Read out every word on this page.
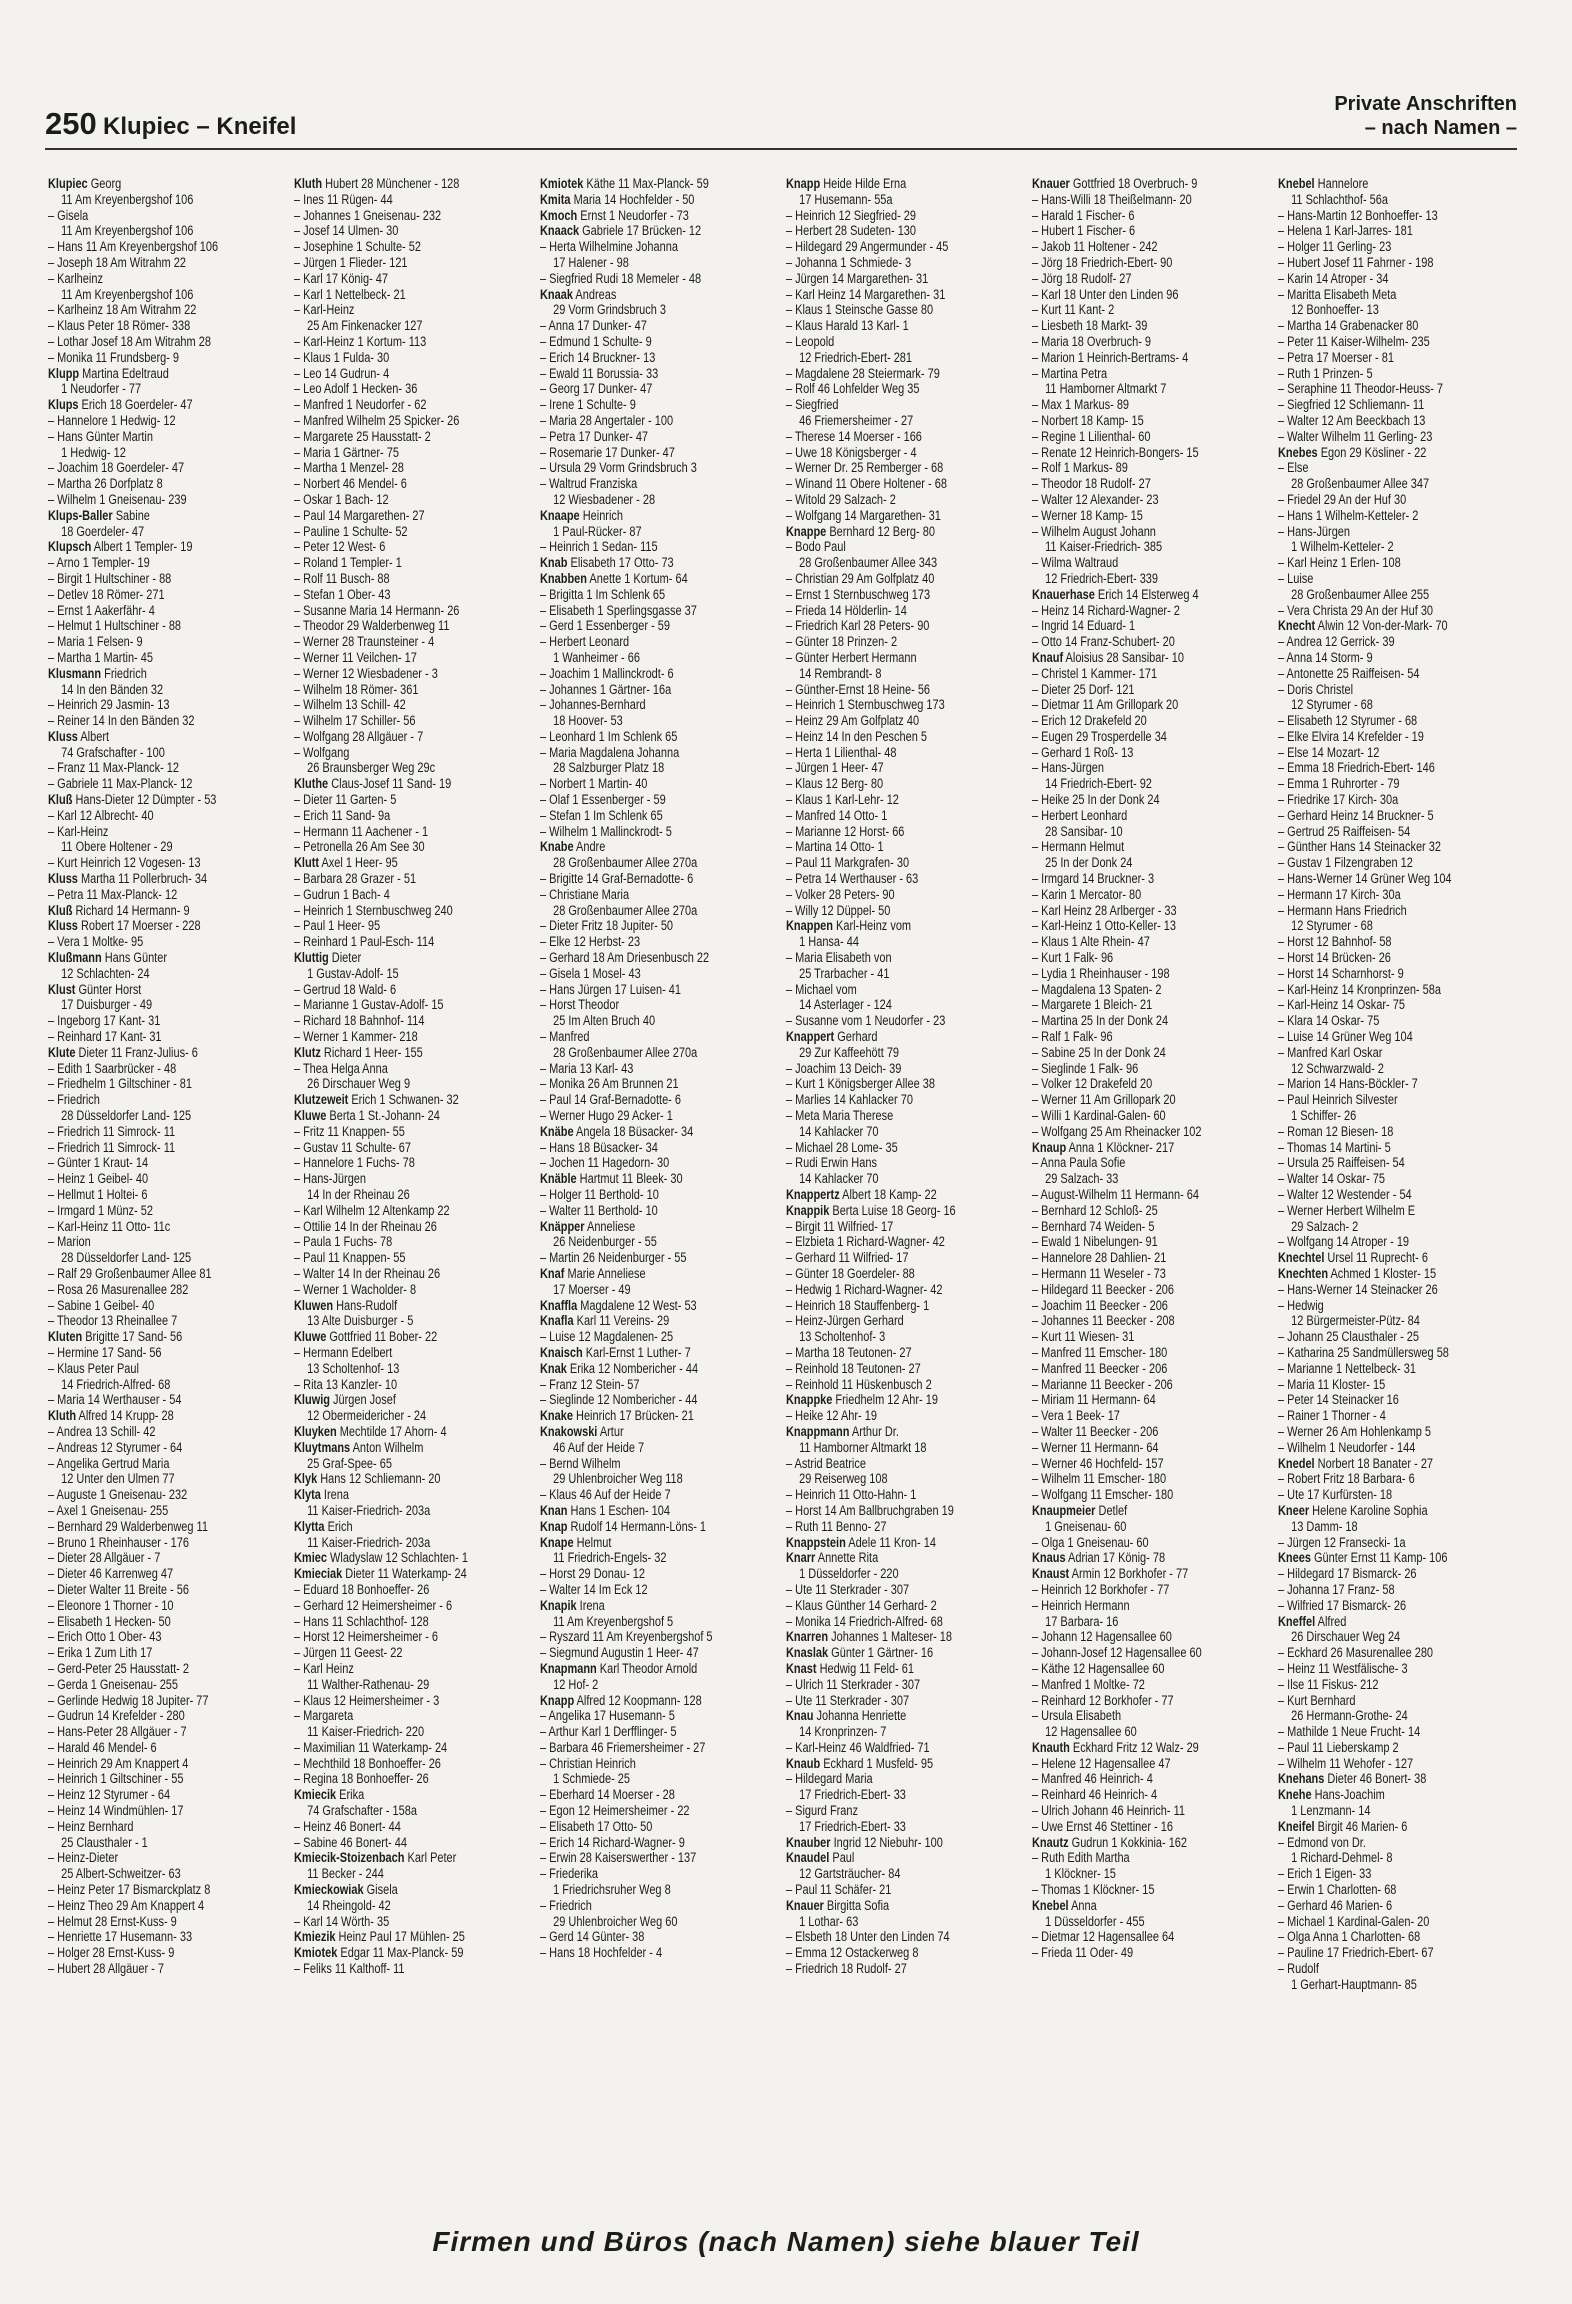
250 Klupiec – Kneifel
Private Anschriften
– nach Namen –
Klupiec Georg
11 Am Kreyenbergshof 106
– Gisela
11 Am Kreyenbergshof 106
– Hans 11 Am Kreyenbergshof 106
– Joseph 18 Am Witrahm 22
– Karlheinz
11 Am Kreyenbergshof 106
– Karlheinz 18 Am Witrahm 22
– Klaus Peter 18 Römer- 338
– Lothar Josef 18 Am Witrahm 28
– Monika 11 Frundsberg- 9
Klupp Martina Edeltraud
1 Neudorfer - 77
Klups Erich 18 Goerdeler- 47
– Hannelore 1 Hedwig- 12
– Hans Günter Martin
1 Hedwig- 12
– Joachim 18 Goerdeler- 47
– Martha 26 Dorfplatz 8
– Wilhelm 1 Gneisenau- 239
Klups-Baller Sabine
18 Goerdeler- 47
Klupsch Albert 1 Templer- 19
– Arno 1 Templer- 19
– Birgit 1 Hultschiner - 88
– Detlev 18 Römer- 271
– Ernst 1 Aakerfähr- 4
– Helmut 1 Hultschiner - 88
– Maria 1 Felsen- 9
– Martha 1 Martin- 45
Klusmann Friedrich
14 In den Bänden 32
– Heinrich 29 Jasmin- 13
– Reiner 14 In den Bänden 32
Kluss Albert
74 Grafschafter - 100
– Franz 11 Max-Planck- 12
– Gabriele 11 Max-Planck- 12
Kluß Hans-Dieter 12 Dümpter - 53
– Karl 12 Albrecht- 40
– Karl-Heinz
11 Obere Holtener - 29
– Kurt Heinrich 12 Vogesen- 13
Kluss Martha 11 Pollerbruch- 34
– Petra 11 Max-Planck- 12
Kluß Richard 14 Hermann- 9
Kluss Robert 17 Moerser - 228
– Vera 1 Moltke- 95
Klußmann Hans Günter
12 Schlachten- 24
Klust Günter Horst
17 Duisburger - 49
– Ingeborg 17 Kant- 31
– Reinhard 17 Kant- 31
Klute Dieter 11 Franz-Julius- 6
– Edith 1 Saarbrücker - 48
– Friedhelm 1 Giltschiner - 81
– Friedrich
28 Düsseldorfer Land- 125
– Friedrich 11 Simrock- 11
– Friedrich 11 Simrock- 11
– Günter 1 Kraut- 14
– Heinz 1 Geibel- 40
– Hellmut 1 Holtei- 6
– Irmgard 1 Münz- 52
– Karl-Heinz 11 Otto- 11c
– Marion
28 Düsseldorfer Land- 125
– Ralf 29 Großenbaumer Allee 81
– Rosa 26 Masurenallee 282
– Sabine 1 Geibel- 40
– Theodor 13 Rheinallee 7
Kluten Brigitte 17 Sand- 56
– Hermine 17 Sand- 56
– Klaus Peter Paul
14 Friedrich-Alfred- 68
– Maria 14 Werthauser - 54
Kluth Alfred 14 Krupp- 28
– Andrea 13 Schill- 42
– Andreas 12 Styrumer - 64
– Angelika Gertrud Maria
12 Unter den Ulmen 77
– Auguste 1 Gneisenau- 232
– Axel 1 Gneisenau- 255
– Bernhard 29 Walderbenweg 11
– Bruno 1 Rheinhauser - 176
– Dieter 28 Allgäuer - 7
– Dieter 46 Karrenweg 47
– Dieter Walter 11 Breite - 56
– Eleonore 1 Thorner - 10
– Elisabeth 1 Hecken- 50
– Erich Otto 1 Ober- 43
– Erika 1 Zum Lith 17
– Gerd-Peter 25 Hausstatt- 2
– Gerda 1 Gneisenau- 255
– Gerlinde Hedwig 18 Jupiter- 77
– Gudrun 14 Krefelder - 280
– Hans-Peter 28 Allgäuer - 7
– Harald 46 Mendel- 6
– Heinrich 29 Am Knappert 4
– Heinrich 1 Giltschiner - 55
– Heinz 12 Styrumer - 64
– Heinz 14 Windmühlen- 17
– Heinz Bernhard
25 Clausthaler - 1
– Heinz-Dieter
25 Albert-Schweitzer- 63
– Heinz Peter 17 Bismarckplatz 8
– Heinz Theo 29 Am Knappert 4
– Helmut 28 Ernst-Kuss- 9
– Henriette 17 Husemann- 33
– Holger 28 Ernst-Kuss- 9
– Hubert 28 Allgäuer - 7
Kluth Hubert 28 Münchener - 128
– Ines 11 Rügen- 44
– Johannes 1 Gneisenau- 232
– Josef 14 Ulmen- 30
– Josephine 1 Schulte- 52
– Jürgen 1 Flieder- 121
– Karl 17 König- 47
– Karl 1 Nettelbeck- 21
– Karl-Heinz
25 Am Finkenacker 127
– Karl-Heinz 1 Kortum- 113
– Klaus 1 Fulda- 30
– Leo 14 Gudrun- 4
– Leo Adolf 1 Hecken- 36
– Manfred 1 Neudorfer - 62
– Manfred Wilhelm 25 Spicker- 26
– Margarete 25 Hausstatt- 2
– Maria 1 Gärtner- 75
– Martha 1 Menzel- 28
– Norbert 46 Mendel- 6
– Oskar 1 Bach- 12
– Paul 14 Margarethen- 27
– Pauline 1 Schulte- 52
– Peter 12 West- 6
– Roland 1 Templer- 1
– Rolf 11 Busch- 88
– Stefan 1 Ober- 43
– Susanne Maria 14 Hermann- 26
– Theodor 29 Walderbenweg 11
– Werner 28 Traunsteiner - 4
– Werner 11 Veilchen- 17
– Werner 12 Wiesbadener - 3
– Wilhelm 18 Römer- 361
– Wilhelm 13 Schill- 42
– Wilhelm 17 Schiller- 56
– Wolfgang 28 Allgäuer - 7
– Wolfgang
26 Braunsberger Weg 29c
Kluthe Claus-Josef 11 Sand- 19
– Dieter 11 Garten- 5
– Erich 11 Sand- 9a
– Hermann 11 Aachener - 1
– Petronella 26 Am See 30
Klutt Axel 1 Heer- 95
– Barbara 28 Grazer - 51
– Gudrun 1 Bach- 4
– Heinrich 1 Sternbuschweg 240
– Paul 1 Heer- 95
– Reinhard 1 Paul-Esch- 114
Kluttig Dieter
1 Gustav-Adolf- 15
– Gertrud 18 Wald- 6
– Marianne 1 Gustav-Adolf- 15
– Richard 18 Bahnhof- 114
– Werner 1 Kammer- 218
Klutz Richard 1 Heer- 155
– Thea Helga Anna
26 Dirschauer Weg 9
Klutzeweit Erich 1 Schwanen- 32
Kluwe Berta 1 St.-Johann- 24
– Fritz 11 Knappen- 55
– Gustav 11 Schulte- 67
– Hannelore 1 Fuchs- 78
– Hans-Jürgen
14 In der Rheinau 26
– Karl Wilhelm 12 Altenkamp 22
– Ottilie 14 In der Rheinau 26
– Paula 1 Fuchs- 78
– Paul 11 Knappen- 55
– Walter 14 In der Rheinau 26
– Werner 1 Wacholder- 8
Kluwen Hans-Rudolf
13 Alte Duisburger - 5
Kluwe Gottfried 11 Bober- 22
– Hermann Edelbert
13 Scholtenhof- 13
– Rita 13 Kanzler- 10
Kluwig Jürgen Josef
12 Obermeidericher - 24
Kluyken Mechtilde 17 Ahorn- 4
Kluytmans Anton Wilhelm
25 Graf-Spee- 65
Klyk Hans 12 Schliemann- 20
Klyta Irena
11 Kaiser-Friedrich- 203a
Klytta Erich
11 Kaiser-Friedrich- 203a
Kmiec Wladyslaw 12 Schlachten- 1
Kmieciak Dieter 11 Waterkamp- 24
– Eduard 18 Bonhoeffer- 26
– Gerhard 12 Heimersheimer - 6
– Hans 11 Schlachthof- 128
– Horst 12 Heimersheimer - 6
– Jürgen 11 Geest- 22
– Karl Heinz
11 Walther-Rathenau- 29
– Klaus 12 Heimersheimer - 3
– Margareta
11 Kaiser-Friedrich- 220
– Maximilian 11 Waterkamp- 24
– Mechthild 18 Bonhoeffer- 26
– Regina 18 Bonhoeffer- 26
Kmiecik Erika
74 Grafschafter - 158a
– Heinz 46 Bonert- 44
– Sabine 46 Bonert- 44
Kmiecik-Stoizenbach Karl Peter
11 Becker - 244
Kmieckowiak Gisela
14 Rheingold- 42
– Karl 14 Wörth- 35
Kmiezik Heinz Paul 17 Mühlen- 25
Kmiotek Edgar 11 Max-Planck- 59
– Feliks 11 Kalthoff- 11
Kmiotek Käthe 11 Max-Planck- 59
Kmita Maria 14 Hochfelder - 50
Kmoch Ernst 1 Neudorfer - 73
Knaack Gabriele 17 Brücken- 12
– Herta Wilhelmine Johanna
17 Halener - 98
– Siegfried Rudi 18 Memeler - 48
Knaak Andreas
29 Vorm Grindsbruch 3
– Anna 17 Dunker- 47
– Edmund 1 Schulte- 9
– Erich 14 Bruckner- 13
– Ewald 11 Borussia- 33
– Georg 17 Dunker- 47
– Irene 1 Schulte- 9
– Maria 28 Angertaler - 100
– Petra 17 Dunker- 47
– Rosemarie 17 Dunker- 47
– Ursula 29 Vorm Grindsbruch 3
– Waltrud Franziska
12 Wiesbadener - 28
Knaape Heinrich
1 Paul-Rücker- 87
– Heinrich 1 Sedan- 115
Knab Elisabeth 17 Otto- 73
Knabben Anette 1 Kortum- 64
– Brigitta 1 Im Schlenk 65
– Elisabeth 1 Sperlingsgasse 37
– Gerd 1 Essenberger - 59
– Herbert Leonard
1 Wanheimer - 66
– Joachim 1 Mallinckrodt- 6
– Johannes 1 Gärtner- 16a
– Johannes-Bernhard
18 Hoover- 53
– Leonhard 1 Im Schlenk 65
– Maria Magdalena Johanna
28 Salzburger Platz 18
– Norbert 1 Martin- 40
– Olaf 1 Essenberger - 59
– Stefan 1 Im Schlenk 65
– Wilhelm 1 Mallinckrodt- 5
Knabe Andre
28 Großenbaumer Allee 270a
– Brigitte 14 Graf-Bernadotte- 6
– Christiane Maria
28 Großenbaumer Allee 270a
– Dieter Fritz 18 Jupiter- 50
– Elke 12 Herbst- 23
– Gerhard 18 Am Driesenbusch 22
– Gisela 1 Mosel- 43
– Hans Jürgen 17 Luisen- 41
– Horst Theodor
25 Im Alten Bruch 40
– Manfred
28 Großenbaumer Allee 270a
– Maria 13 Karl- 43
– Monika 26 Am Brunnen 21
– Paul 14 Graf-Bernadotte- 6
– Werner Hugo 29 Acker- 1
Knäbe Angela 18 Büsacker- 34
– Hans 18 Büsacker- 34
– Jochen 11 Hagedorn- 30
Knäble Hartmut 11 Bleek- 30
– Holger 11 Berthold- 10
– Walter 11 Berthold- 10
Knäpper Anneliese
26 Neidenburger - 55
– Martin 26 Neidenburger - 55
Knaf Marie Anneliese
17 Moerser - 49
Knaffla Magdalene 12 West- 53
Knafla Karl 11 Vereins- 29
– Luise 12 Magdalenen- 25
Knaisch Karl-Ernst 1 Luther- 7
Knak Erika 12 Nombericher - 44
– Franz 12 Stein- 57
– Sieglinde 12 Nombericher - 44
Knake Heinrich 17 Brücken- 21
Knakowski Artur
46 Auf der Heide 7
– Bernd Wilhelm
29 Uhlenbroicher Weg 118
– Klaus 46 Auf der Heide 7
Knan Hans 1 Eschen- 104
Knap Rudolf 14 Hermann-Löns- 1
Knape Helmut
11 Friedrich-Engels- 32
– Horst 29 Donau- 12
– Walter 14 Im Eck 12
Knapik Irena
11 Am Kreyenbergshof 5
– Ryszard 11 Am Kreyenbergshof 5
– Siegmund Augustin 1 Heer- 47
Knapmann Karl Theodor Arnold
12 Hof- 2
Knapp Alfred 12 Koopmann- 128
– Angelika 17 Husemann- 5
– Arthur Karl 1 Derfflinger- 5
– Barbara 46 Friemersheimer - 27
– Christian Heinrich
1 Schmiede- 25
– Eberhard 14 Moerser - 28
– Egon 12 Heimersheimer - 22
– Elisabeth 17 Otto- 50
– Erich 14 Richard-Wagner- 9
– Erwin 28 Kaiserswerther - 137
– Friederika
1 Friedrichsruher Weg 8
– Friedrich
29 Uhlenbroicher Weg 60
– Gerd 14 Günter- 38
– Hans 18 Hochfelder - 4
Knapp Heide Hilde Erna
17 Husemann- 55a
– Heinrich 12 Siegfried- 29
– Herbert 28 Sudeten- 130
– Hildegard 29 Angermunder - 45
– Johanna 1 Schmiede- 3
– Jürgen 14 Margarethen- 31
– Karl Heinz 14 Margarethen- 31
– Klaus 1 Steinsche Gasse 80
– Klaus Harald 13 Karl- 1
– Leopold
12 Friedrich-Ebert- 281
– Magdalene 28 Steiermark- 79
– Rolf 46 Lohfelder Weg 35
– Siegfried
46 Friemersheimer - 27
– Therese 14 Moerser - 166
– Uwe 18 Königsberger - 4
– Werner Dr. 25 Remberger - 68
– Winand 11 Obere Holtener - 68
– Witold 29 Salzach- 2
– Wolfgang 14 Margarethen- 31
Knappe Bernhard 12 Berg- 80
– Bodo Paul
28 Großenbaumer Allee 343
– Christian 29 Am Golfplatz 40
– Ernst 1 Sternbuschweg 173
– Frieda 14 Hölderlin- 14
– Friedrich Karl 28 Peters- 90
– Günter 18 Prinzen- 2
– Günter Herbert Hermann
14 Rembrandt- 8
– Günther-Ernst 18 Heine- 56
– Heinrich 1 Sternbuschweg 173
– Heinz 29 Am Golfplatz 40
– Heinz 14 In den Peschen 5
– Herta 1 Lilienthal- 48
– Jürgen 1 Heer- 47
– Klaus 12 Berg- 80
– Klaus 1 Karl-Lehr- 12
– Manfred 14 Otto- 1
– Marianne 12 Horst- 66
– Martina 14 Otto- 1
– Paul 11 Markgrafen- 30
– Petra 14 Werthauser - 63
– Volker 28 Peters- 90
– Willy 12 Düppel- 50
Knappen Karl-Heinz vom
1 Hansa- 44
– Maria Elisabeth von
25 Trarbacher - 41
– Michael vom
14 Asterlager - 124
– Susanne vom 1 Neudorfer - 23
Knappert Gerhard
29 Zur Kaffeehött 79
– Joachim 13 Deich- 39
– Kurt 1 Königsberger Allee 38
– Marlies 14 Kahlacker 70
– Meta Maria Therese
14 Kahlacker 70
– Michael 28 Lome- 35
– Rudi Erwin Hans
14 Kahlacker 70
Knappertz Albert 18 Kamp- 22
Knappik Berta Luise 18 Georg- 16
– Birgit 11 Wilfried- 17
– Elzbieta 1 Richard-Wagner- 42
– Gerhard 11 Wilfried- 17
– Günter 18 Goerdeler- 88
– Hedwig 1 Richard-Wagner- 42
– Heinrich 18 Stauffenberg- 1
– Heinz-Jürgen Gerhard
13 Scholtenhof- 3
– Martha 18 Teutonen- 27
– Reinhold 18 Teutonen- 27
– Reinhold 11 Hüskenbusch 2
Knappke Friedhelm 12 Ahr- 19
– Heike 12 Ahr- 19
Knappmann Arthur Dr.
11 Hamborner Altmarkt 18
– Astrid Beatrice
29 Reiserweg 108
– Heinrich 11 Otto-Hahn- 1
– Horst 14 Am Ballbruchgraben 19
– Ruth 11 Benno- 27
Knappstein Adele 11 Kron- 14
Knarr Annette Rita
1 Düsseldorfer - 220
– Ute 11 Sterkrader - 307
– Klaus Günther 14 Gerhard- 2
– Monika 14 Friedrich-Alfred- 68
Knarren Johannes 1 Malteser- 18
Knaslak Günter 1 Gärtner- 16
Knast Hedwig 11 Feld- 61
– Ulrich 11 Sterkrader - 307
– Ute 11 Sterkrader - 307
Knau Johanna Henriette
14 Kronprinzen- 7
– Karl-Heinz 46 Waldfried- 71
Knaub Eckhard 1 Musfeld- 95
– Hildegard Maria
17 Friedrich-Ebert- 33
– Sigurd Franz
17 Friedrich-Ebert- 33
Knauber Ingrid 12 Niebuhr- 100
Knaudel Paul
12 Gartsträucher- 84
– Paul 11 Schäfer- 21
Knauer Birgitta Sofia
1 Lothar- 63
– Elsbeth 18 Unter den Linden 74
– Emma 12 Ostackerweg 8
– Friedrich 18 Rudolf- 27
Knauer Gottfried 18 Overbruch- 9
– Hans-Willi 18 Theißelmann- 20
– Harald 1 Fischer- 6
– Hubert 1 Fischer- 6
– Jakob 11 Holtener - 242
– Jörg 18 Friedrich-Ebert- 90
– Jörg 18 Rudolf- 27
– Karl 18 Unter den Linden 96
– Kurt 11 Kant- 2
– Liesbeth 18 Markt- 39
– Maria 18 Overbruch- 9
– Marion 1 Heinrich-Bertrams- 4
– Martina Petra
11 Hamborner Altmarkt 7
– Max 1 Markus- 89
– Norbert 18 Kamp- 15
– Regine 1 Lilienthal- 60
– Renate 12 Heinrich-Bongers- 15
– Rolf 1 Markus- 89
– Theodor 18 Rudolf- 27
– Walter 12 Alexander- 23
– Werner 18 Kamp- 15
– Wilhelm August Johann
11 Kaiser-Friedrich- 385
– Wilma Waltraud
12 Friedrich-Ebert- 339
Knauerhase Erich 14 Elsterweg 4
– Heinz 14 Richard-Wagner- 2
– Ingrid 14 Eduard- 1
– Otto 14 Franz-Schubert- 20
Knauf Aloisius 28 Sansibar- 10
– Christel 1 Kammer- 171
– Dieter 25 Dorf- 121
– Dietmar 11 Am Grillopark 20
– Erich 12 Drakefeld 20
– Eugen 29 Trosperdelle 34
– Gerhard 1 Roß- 13
– Hans-Jürgen
14 Friedrich-Ebert- 92
– Heike 25 In der Donk 24
– Herbert Leonhard
28 Sansibar- 10
– Hermann Helmut
25 In der Donk 24
– Irmgard 14 Bruckner- 3
– Karin 1 Mercator- 80
– Karl Heinz 28 Arlberger - 33
– Karl-Heinz 1 Otto-Keller- 13
– Klaus 1 Alte Rhein- 47
– Kurt 1 Falk- 96
– Lydia 1 Rheinhauser - 198
– Magdalena 13 Spaten- 2
– Margarete 1 Bleich- 21
– Martina 25 In der Donk 24
– Ralf 1 Falk- 96
– Sabine 25 In der Donk 24
– Sieglinde 1 Falk- 96
– Volker 12 Drakefeld 20
– Werner 11 Am Grillopark 20
– Willi 1 Kardinal-Galen- 60
– Wolfgang 25 Am Rheinacker 102
Knaup Anna 1 Klöckner- 217
– Anna Paula Sofie
29 Salzach- 33
– August-Wilhelm 11 Hermann- 64
– Bernhard 12 Schloß- 25
– Bernhard 74 Weiden- 5
– Ewald 1 Nibelungen- 91
– Hannelore 28 Dahlien- 21
– Hermann 11 Weseler - 73
– Hildegard 11 Beecker - 206
– Joachim 11 Beecker - 206
– Johannes 11 Beecker - 208
– Kurt 11 Wiesen- 31
– Manfred 11 Emscher- 180
– Manfred 11 Beecker - 206
– Marianne 11 Beecker - 206
– Miriam 11 Hermann- 64
– Vera 1 Beek- 17
– Walter 11 Beecker - 206
– Werner 11 Hermann- 64
– Werner 46 Hochfeld- 157
– Wilhelm 11 Emscher- 180
– Wolfgang 11 Emscher- 180
Knaupmeier Detlef
1 Gneisenau- 60
– Olga 1 Gneisenau- 60
Knaus Adrian 17 König- 78
Knaust Armin 12 Borkhofer - 77
– Heinrich 12 Borkhofer - 77
– Heinrich Hermann
17 Barbara- 16
– Johann 12 Hagensallee 60
– Johann-Josef 12 Hagensallee 60
– Käthe 12 Hagensallee 60
– Manfred 1 Moltke- 72
– Reinhard 12 Borkhofer - 77
– Ursula Elisabeth
12 Hagensallee 60
Knauth Eckhard Fritz 12 Walz- 29
– Helene 12 Hagensallee 47
– Manfred 46 Heinrich- 4
– Reinhard 46 Heinrich- 4
– Ulrich Johann 46 Heinrich- 11
– Uwe Ernst 46 Stettiner - 16
Knautz Gudrun 1 Kokkinia- 162
– Ruth Edith Martha
1 Klöckner- 15
– Thomas 1 Klöckner- 15
Knebel Anna
1 Düsseldorfer - 455
– Dietmar 12 Hagensallee 64
– Frieda 11 Oder- 49
Knebel Hannelore
11 Schlachthof- 56a
– Hans-Martin 12 Bonhoeffer- 13
– Helena 1 Karl-Jarres- 181
– Holger 11 Gerling- 23
– Hubert Josef 11 Fahrner - 198
– Karin 14 Atroper - 34
– Maritta Elisabeth Meta
12 Bonhoeffer- 13
– Martha 14 Grabenacker 80
– Peter 11 Kaiser-Wilhelm- 235
– Petra 17 Moerser - 81
– Ruth 1 Prinzen- 5
– Seraphine 11 Theodor-Heuss- 7
– Siegfried 12 Schliemann- 11
– Walter 12 Am Beeckbach 13
– Walter Wilhelm 11 Gerling- 23
Knebes Egon 29 Kösliner - 22
– Else
28 Großenbaumer Allee 347
– Friedel 29 An der Huf 30
– Hans 1 Wilhelm-Ketteler- 2
– Hans-Jürgen
1 Wilhelm-Ketteler- 2
– Karl Heinz 1 Erlen- 108
– Luise
28 Großenbaumer Allee 255
– Vera Christa 29 An der Huf 30
Knecht Alwin 12 Von-der-Mark- 70
– Andrea 12 Gerrick- 39
– Anna 14 Storm- 9
– Antonette 25 Raiffeisen- 54
– Doris Christel
12 Styrumer - 68
– Elisabeth 12 Styrumer - 68
– Elke Elvira 14 Krefelder - 19
– Else 14 Mozart- 12
– Emma 18 Friedrich-Ebert- 146
– Emma 1 Ruhrorter - 79
– Friedrike 17 Kirch- 30a
– Gerhard Heinz 14 Bruckner- 5
– Gertrud 25 Raiffeisen- 54
– Günther Hans 14 Steinacker 32
– Gustav 1 Filzengraben 12
– Hans-Werner 14 Grüner Weg 104
– Hermann 17 Kirch- 30a
– Hermann Hans Friedrich
12 Styrumer - 68
– Horst 12 Bahnhof- 58
– Horst 14 Brücken- 26
– Horst 14 Scharnhorst- 9
– Karl-Heinz 14 Kronprinzen- 58a
– Karl-Heinz 14 Oskar- 75
– Klara 14 Oskar- 75
– Luise 14 Grüner Weg 104
– Manfred Karl Oskar
12 Schwarzwald- 2
– Marion 14 Hans-Böckler- 7
– Paul Heinrich Silvester
1 Schiffer- 26
– Roman 12 Biesen- 18
– Thomas 14 Martini- 5
– Ursula 25 Raiffeisen- 54
– Walter 14 Oskar- 75
– Walter 12 Westender - 54
– Werner Herbert Wilhelm E
29 Salzach- 2
– Wolfgang 14 Atroper - 19
Knechtel Ursel 11 Ruprecht- 6
Knechten Achmed 1 Kloster- 15
– Hans-Werner 14 Steinacker 26
– Hedwig
12 Bürgermeister-Pütz- 84
– Johann 25 Clausthaler - 25
– Katharina 25 Sandmüllersweg 58
– Marianne 1 Nettelbeck- 31
– Maria 11 Kloster- 15
– Peter 14 Steinacker 16
– Rainer 1 Thorner - 4
– Werner 26 Am Hohlenkamp 5
– Wilhelm 1 Neudorfer - 144
Knedel Norbert 18 Banater - 27
– Robert Fritz 18 Barbara- 6
– Ute 17 Kurfürsten- 18
Kneer Helene Karoline Sophia
13 Damm- 18
– Jürgen 12 Fransecki- 1a
Knees Günter Ernst 11 Kamp- 106
– Hildegard 17 Bismarck- 26
– Johanna 17 Franz- 58
– Wilfried 17 Bismarck- 26
Kneffel Alfred
26 Dirschauer Weg 24
– Eckhard 26 Masurenallee 280
– Heinz 11 Westfälische- 3
– Ilse 11 Fiskus- 212
– Kurt Bernhard
26 Hermann-Grothe- 24
– Mathilde 1 Neue Frucht- 14
– Paul 11 Lieberskamp 2
– Wilhelm 11 Wehofer - 127
Knehans Dieter 46 Bonert- 38
Knehe Hans-Joachim
1 Lenzmann- 14
Kneifel Birgit 46 Marien- 6
– Edmond von Dr.
1 Richard-Dehmel- 8
– Erich 1 Eigen- 33
– Erwin 1 Charlotten- 68
– Gerhard 46 Marien- 6
– Michael 1 Kardinal-Galen- 20
– Olga Anna 1 Charlotten- 68
– Pauline 17 Friedrich-Ebert- 67
– Rudolf
1 Gerhart-Hauptmann- 85
Firmen und Büros (nach Namen) siehe blauer Teil
